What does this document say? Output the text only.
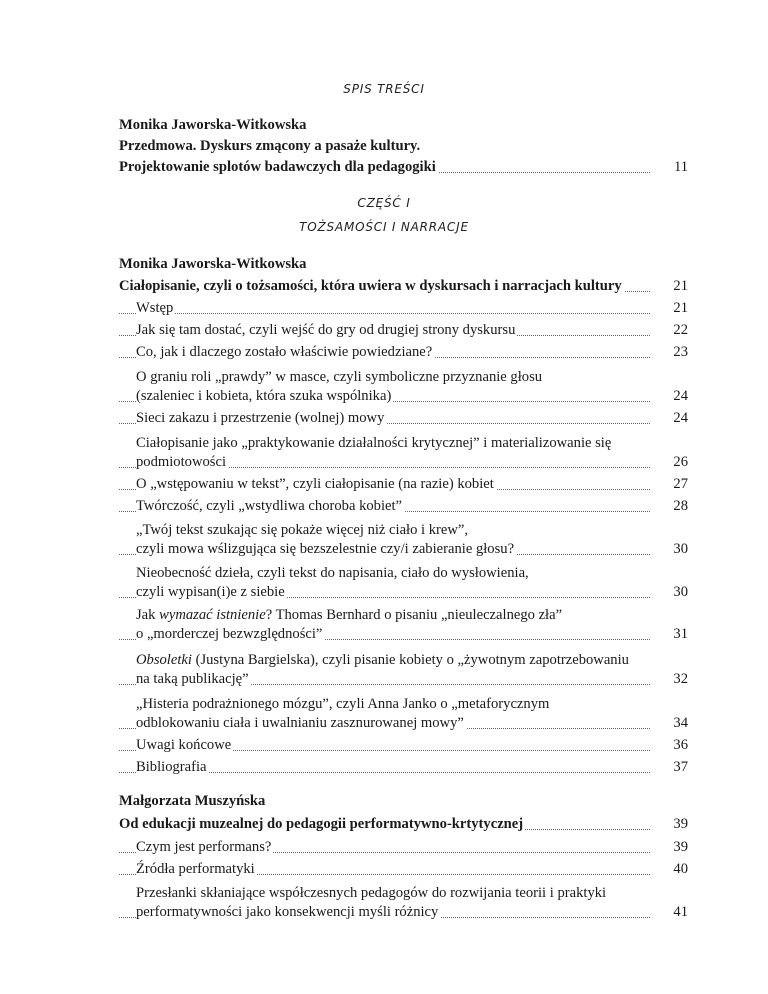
SPIS TREŚCI
Monika Jaworska-Witkowska
Przedmowa. Dyskurs zmącony a pasaże kultury.
Projektowanie splotów badawczych dla pedagogiki	11
CZĘŚĆ I
TOŻSAMOŚCI I NARRACJE
Monika Jaworska-Witkowska
Ciałopisanie, czyli o tożsamości, która uwiera w dyskursach i narracjach kultury	21
Wstęp	21
Jak się tam dostać, czyli wejść do gry od drugiej strony dyskursu	22
Co, jak i dlaczego zostało właściwie powiedziane?	23
O graniu roli „prawdy” w masce, czyli symboliczne przyznanie głosu
(szaleniec i kobieta, która szuka wspólnika)	24
Sieci zakazu i przestrzenie (wolnej) mowy	24
Ciałopisanie jako „praktykowanie działalności krytycznej” i materializowanie się
podmiotowości	26
O „wstępowaniu w tekst”, czyli ciałopisanie (na razie) kobiet	27
Twórczość, czyli „wstydliwa choroba kobiet”	28
„Twój tekst szukając się pokaże więcej niż ciało i krew”,
czyli mowa wślizgująca się bezszelestnie czy/i zabieranie głosu?	30
Nieobecność dzieła, czyli tekst do napisania, ciało do wysłowienia,
czyli wypisan(i)e z siebie	30
Jak wymazać istnienie? Thomas Bernhard o pisaniu „nieuleczalnego zła”
o „morderczej bezwzględności”	31
Obsoletki (Justyna Bargielska), czyli pisanie kobiety o „żywotnym zapotrzebowaniu
na taką publikację”	32
„Histeria podrażnionego mózgu”, czyli Anna Janko o „metaforycznym
odblokowaniu ciała i uwalnianiu zasznurowanej mowy”	34
Uwagi końcowe	36
Bibliografia	37
Małgorzata Muszyńska
Od edukacji muzealnej do pedagogii performatywno-krtytycznej	39
Czym jest performans?	39
Źródła performatyki	40
Przesłanki skłaniające współczesnych pedagogów do rozwijania teorii i praktyki
performatywności jako konsekwencji myśli różnicy	41
